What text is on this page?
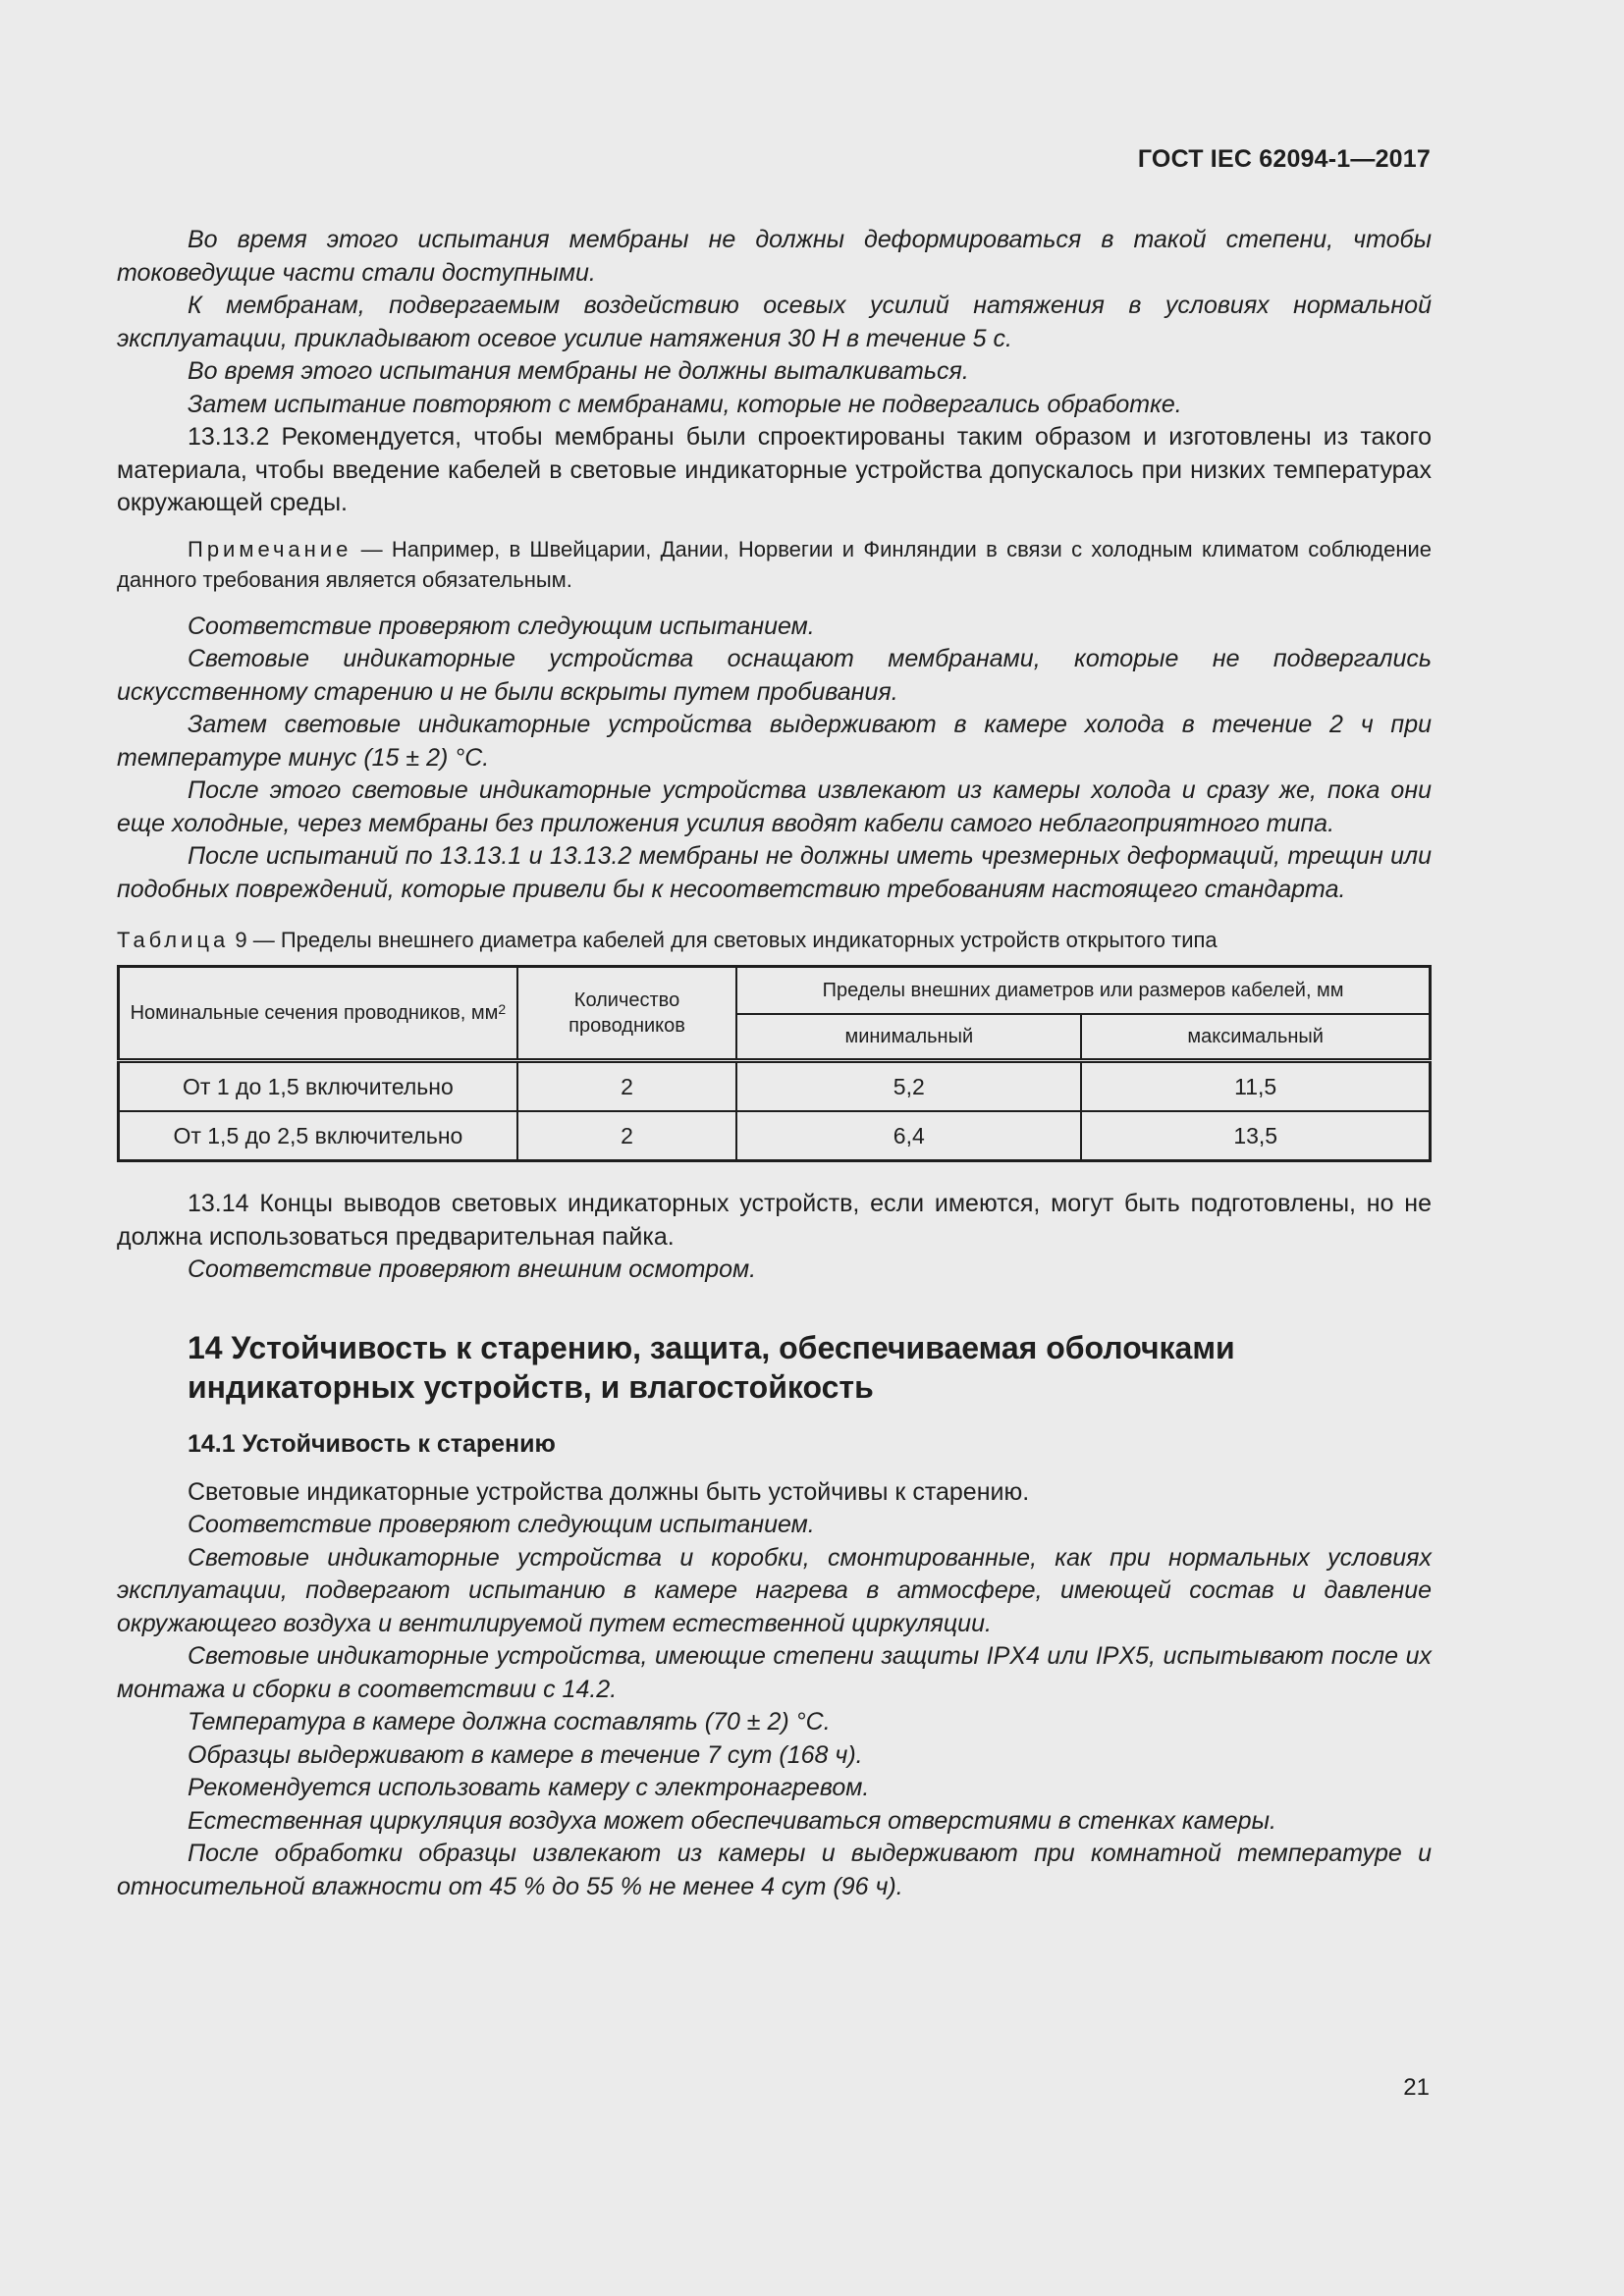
ГОСТ IEC 62094-1—2017

Во время этого испытания мембраны не должны деформироваться в такой степени, чтобы токоведущие части стали доступными.

К мембранам, подвергаемым воздействию осевых усилий натяжения в условиях нормальной эксплуатации, прикладывают осевое усилие натяжения 30 Н в течение 5 с.

Во время этого испытания мембраны не должны выталкиваться.

Затем испытание повторяют с мембранами, которые не подвергались обработке.

13.13.2 Рекомендуется, чтобы мембраны были спроектированы таким образом и изготовлены из такого материала, чтобы введение кабелей в световые индикаторные устройства допускалось при низких температурах окружающей среды.

Примечание — Например, в Швейцарии, Дании, Норвегии и Финляндии в связи с холодным климатом соблюдение данного требования является обязательным.

Соответствие проверяют следующим испытанием.

Световые индикаторные устройства оснащают мембранами, которые не подвергались искусственному старению и не были вскрыты путем пробивания.

Затем световые индикаторные устройства выдерживают в камере холода в течение 2 ч при температуре минус (15 ± 2) °С.

После этого световые индикаторные устройства извлекают из камеры холода и сразу же, пока они еще холодные, через мембраны без приложения усилия вводят кабели самого неблагоприятного типа.

После испытаний по 13.13.1 и 13.13.2 мембраны не должны иметь чрезмерных деформаций, трещин или подобных повреждений, которые привели бы к несоответствию требованиям настоящего стандарта.

Таблица 9 — Пределы внешнего диаметра кабелей для световых индикаторных устройств открытого типа
Номинальные сечения проводников, $мм^2$	Количество проводников	Пределы внешних диаметров или размеров кабелей, мм	
		минимальный	максимальный
От 1 до 1,5 включительно	2	5,2	11,5
От 1,5 до 2,5 включительно	2	6,4	13,5

13.14 Концы выводов световых индикаторных устройств, если имеются, могут быть подготовлены, но не должна использоваться предварительная пайка.

Соответствие проверяют внешним осмотром.

14 Устойчивость к старению, защита, обеспечиваемая оболочками индикаторных устройств, и влагостойкость
14.1 Устойчивость к старению

Световые индикаторные устройства должны быть устойчивы к старению.

Соответствие проверяют следующим испытанием.

Световые индикаторные устройства и коробки, смонтированные, как при нормальных условиях эксплуатации, подвергают испытанию в камере нагрева в атмосфере, имеющей состав и давление окружающего воздуха и вентилируемой путем естественной циркуляции.

Световые индикаторные устройства, имеющие степени защиты IPX4 или IPX5, испытывают после их монтажа и сборки в соответствии с 14.2.

Температура в камере должна составлять (70 ± 2) °С.

Образцы выдерживают в камере в течение 7 сут (168 ч).

Рекомендуется использовать камеру с электронагревом.

Естественная циркуляция воздуха может обеспечиваться отверстиями в стенках камеры.

После обработки образцы извлекают из камеры и выдерживают при комнатной температуре и относительной влажности от 45 % до 55 % не менее 4 сут (96 ч).

21
